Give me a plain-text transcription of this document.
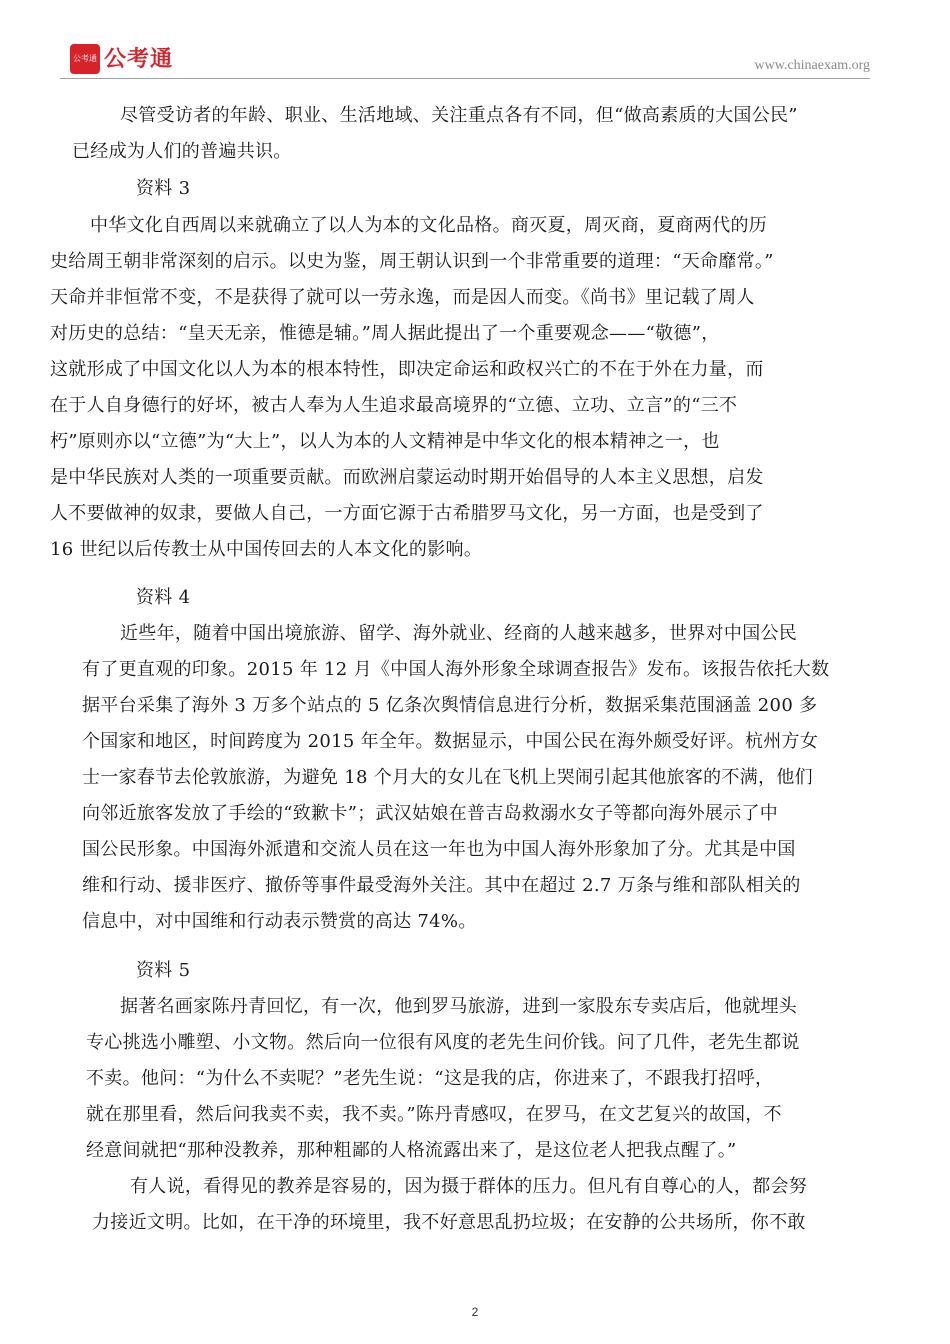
公考通 公考通	www.chinaexam.org
尽管受访者的年龄、职业、生活地域、关注重点各有不同，但“做高素质的大国公民”
已经成为人们的普遍共识。
资料 3
中华文化自西周以来就确立了以人为本的文化品格。商灭夏，周灭商，夏商两代的历
史给周王朝非常深刻的启示。以史为鉴，周王朝认识到一个非常重要的道理：“天命靡常。”
天命并非恒常不变，不是获得了就可以一劳永逸，而是因人而变。《尚书》里记载了周人
对历史的总结：“皇天无亲，惟德是辅。”周人据此提出了一个重要观念——“敬德”，
这就形成了中国文化以人为本的根本特性，即决定命运和政权兴亡的不在于外在力量，而
在于人自身德行的好坏，被古人奉为人生追求最高境界的“立德、立功、立言”的“三不
朽”原则亦以“立德”为“大上”，以人为本的人文精神是中华文化的根本精神之一，也
是中华民族对人类的一项重要贡献。而欧洲启蒙运动时期开始倡导的人本主义思想，启发
人不要做神的奴隶，要做人自己，一方面它源于古希腊罗马文化，另一方面，也是受到了
16 世纪以后传教士从中国传回去的人本文化的影响。
资料 4
近些年，随着中国出境旅游、留学、海外就业、经商的人越来越多，世界对中国公民
有了更直观的印象。2015 年 12 月《中国人海外形象全球调查报告》发布。该报告依托大数
据平台采集了海外 3 万多个站点的 5 亿条次舆情信息进行分析，数据采集范围涵盖 200 多
个国家和地区，时间跨度为 2015 年全年。数据显示，中国公民在海外颇受好评。杭州方女
士一家春节去伦敦旅游，为避免 18 个月大的女儿在飞机上哭闹引起其他旅客的不满，他们
向邻近旅客发放了手绘的“致歉卡”；武汉姑娘在普吉岛救溺水女子等都向海外展示了中
国公民形象。中国海外派遣和交流人员在这一年也为中国人海外形象加了分。尤其是中国
维和行动、援非医疗、撤侨等事件最受海外关注。其中在超过 2.7 万条与维和部队相关的
信息中，对中国维和行动表示赞赏的高达 74%。
资料 5
据著名画家陈丹青回忆，有一次，他到罗马旅游，进到一家股东专卖店后，他就埋头
专心挑选小雕塑、小文物。然后向一位很有风度的老先生问价钱。问了几件，老先生都说
不卖。他问：“为什么不卖呢？”老先生说：“这是我的店，你进来了，不跟我打招呼，
就在那里看，然后问我卖不卖，我不卖。”陈丹青感叹，在罗马，在文艺复兴的故国，不
经意间就把“那种没教养，那种粗鄙的人格流露出来了，是这位老人把我点醒了。”
有人说，看得见的教养是容易的，因为摄于群体的压力。但凡有自尊心的人，都会努
力接近文明。比如，在干净的环境里，我不好意思乱扔垃圾；在安静的公共场所，你不敢
2
